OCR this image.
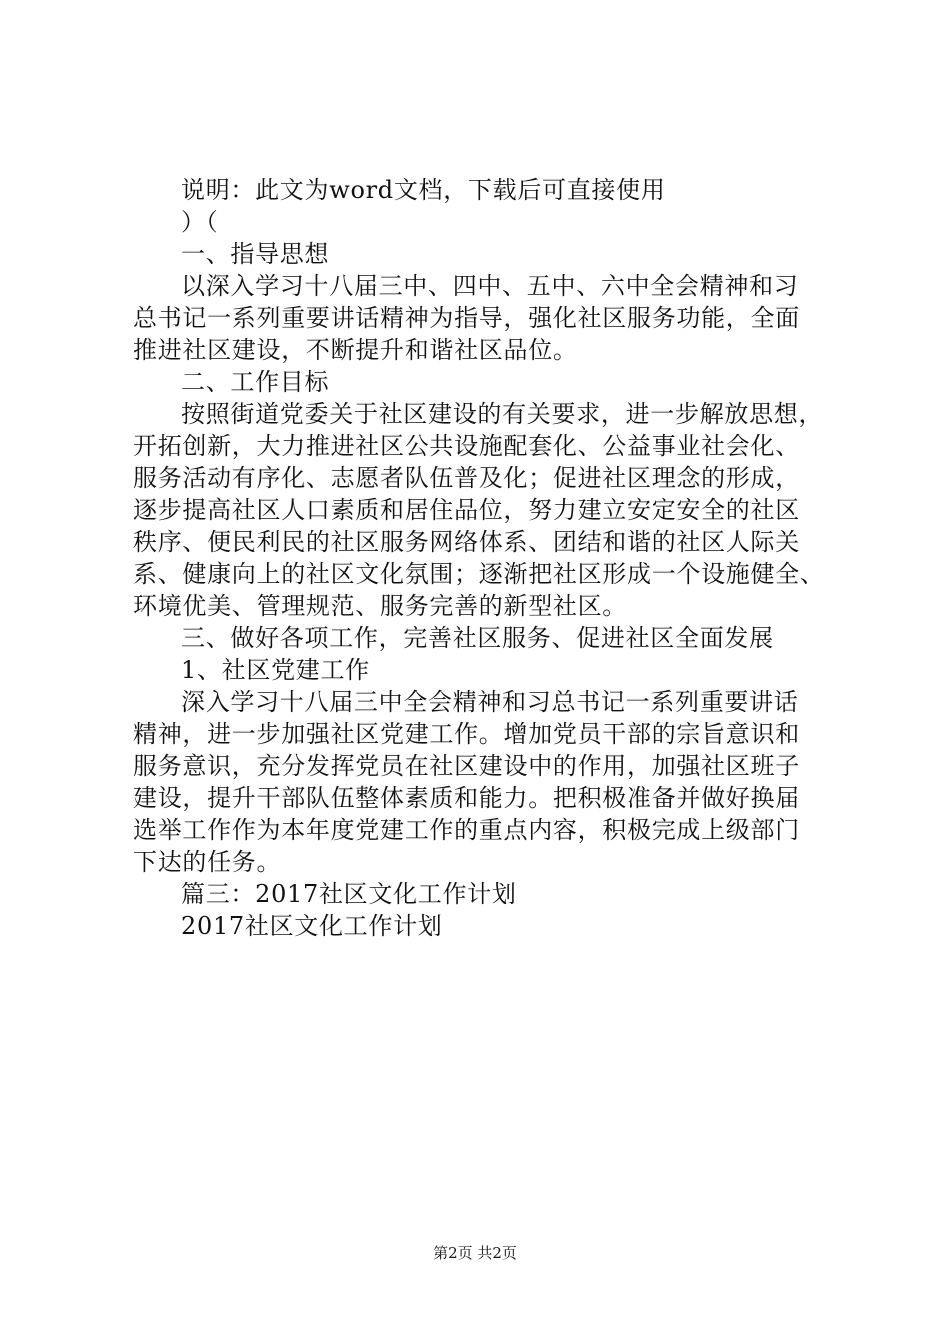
说明：此文为word文档，下载后可直接使用
）（
一、指导思想
以深入学习十八届三中、四中、五中、六中全会精神和习
总书记一系列重要讲话精神为指导，强化社区服务功能，全面
推进社区建设，不断提升和谐社区品位。
二、工作目标
按照街道党委关于社区建设的有关要求，进一步解放思想，
开拓创新，大力推进社区公共设施配套化、公益事业社会化、
服务活动有序化、志愿者队伍普及化；促进社区理念的形成，
逐步提高社区人口素质和居住品位，努力建立安定安全的社区
秩序、便民利民的社区服务网络体系、团结和谐的社区人际关
系、健康向上的社区文化氛围；逐渐把社区形成一个设施健全、
环境优美、管理规范、服务完善的新型社区。
三、做好各项工作，完善社区服务、促进社区全面发展
1、社区党建工作
深入学习十八届三中全会精神和习总书记一系列重要讲话
精神，进一步加强社区党建工作。增加党员干部的宗旨意识和
服务意识，充分发挥党员在社区建设中的作用，加强社区班子
建设，提升干部队伍整体素质和能力。把积极准备并做好换届
选举工作作为本年度党建工作的重点内容，积极完成上级部门
下达的任务。
篇三：2017社区文化工作计划
2017社区文化工作计划
第2页 共2页
